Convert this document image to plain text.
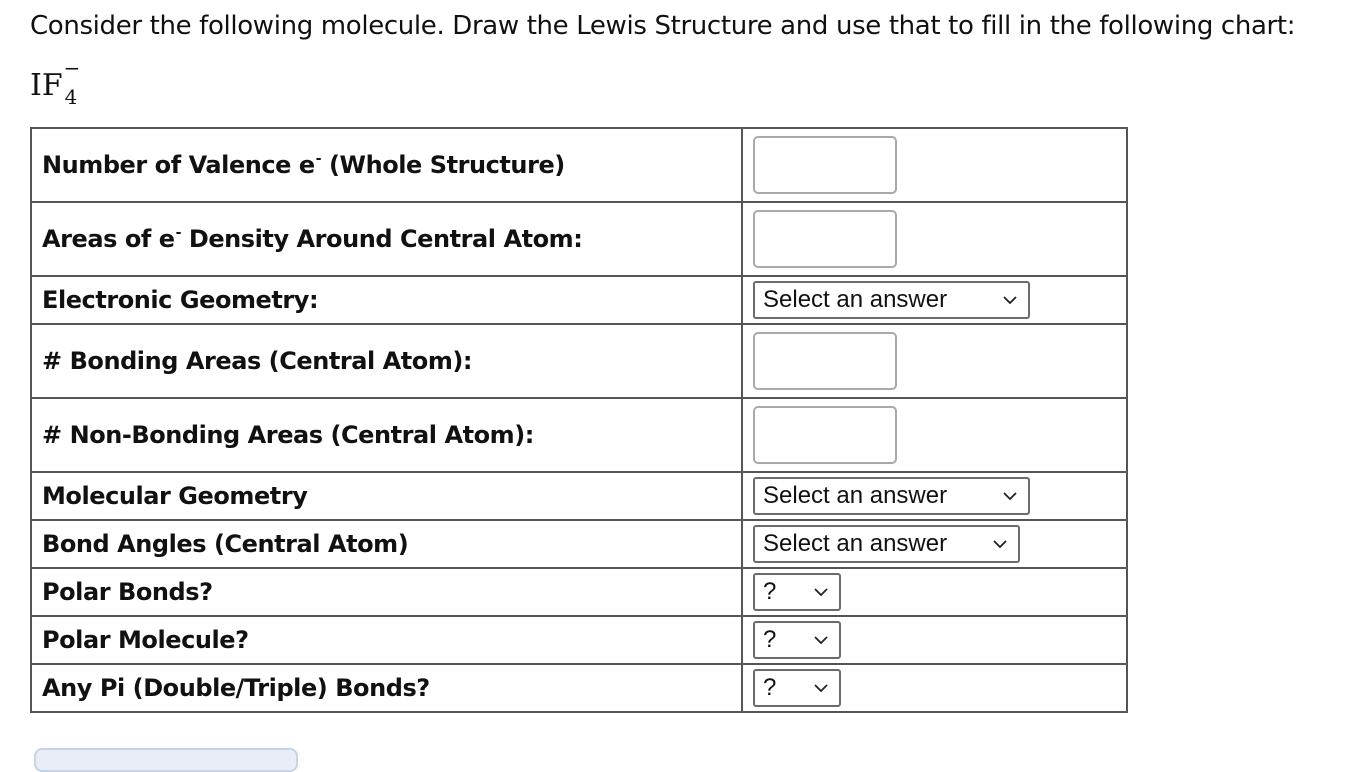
Consider the following molecule. Draw the Lewis Structure and use that to fill in the following chart:
IF −
4
Number of Valence e- (Whole Structure)	

Areas of e- Density Around Central Atom:	

Electronic Geometry:	Select an answer

# Bonding Areas (Central Atom):	

# Non-Bonding Areas (Central Atom):	

Molecular Geometry	Select an answer

Bond Angles (Central Atom)	Select an answer

Polar Bonds?	?

Polar Molecule?	?

Any Pi (Double/Triple) Bonds?	?
